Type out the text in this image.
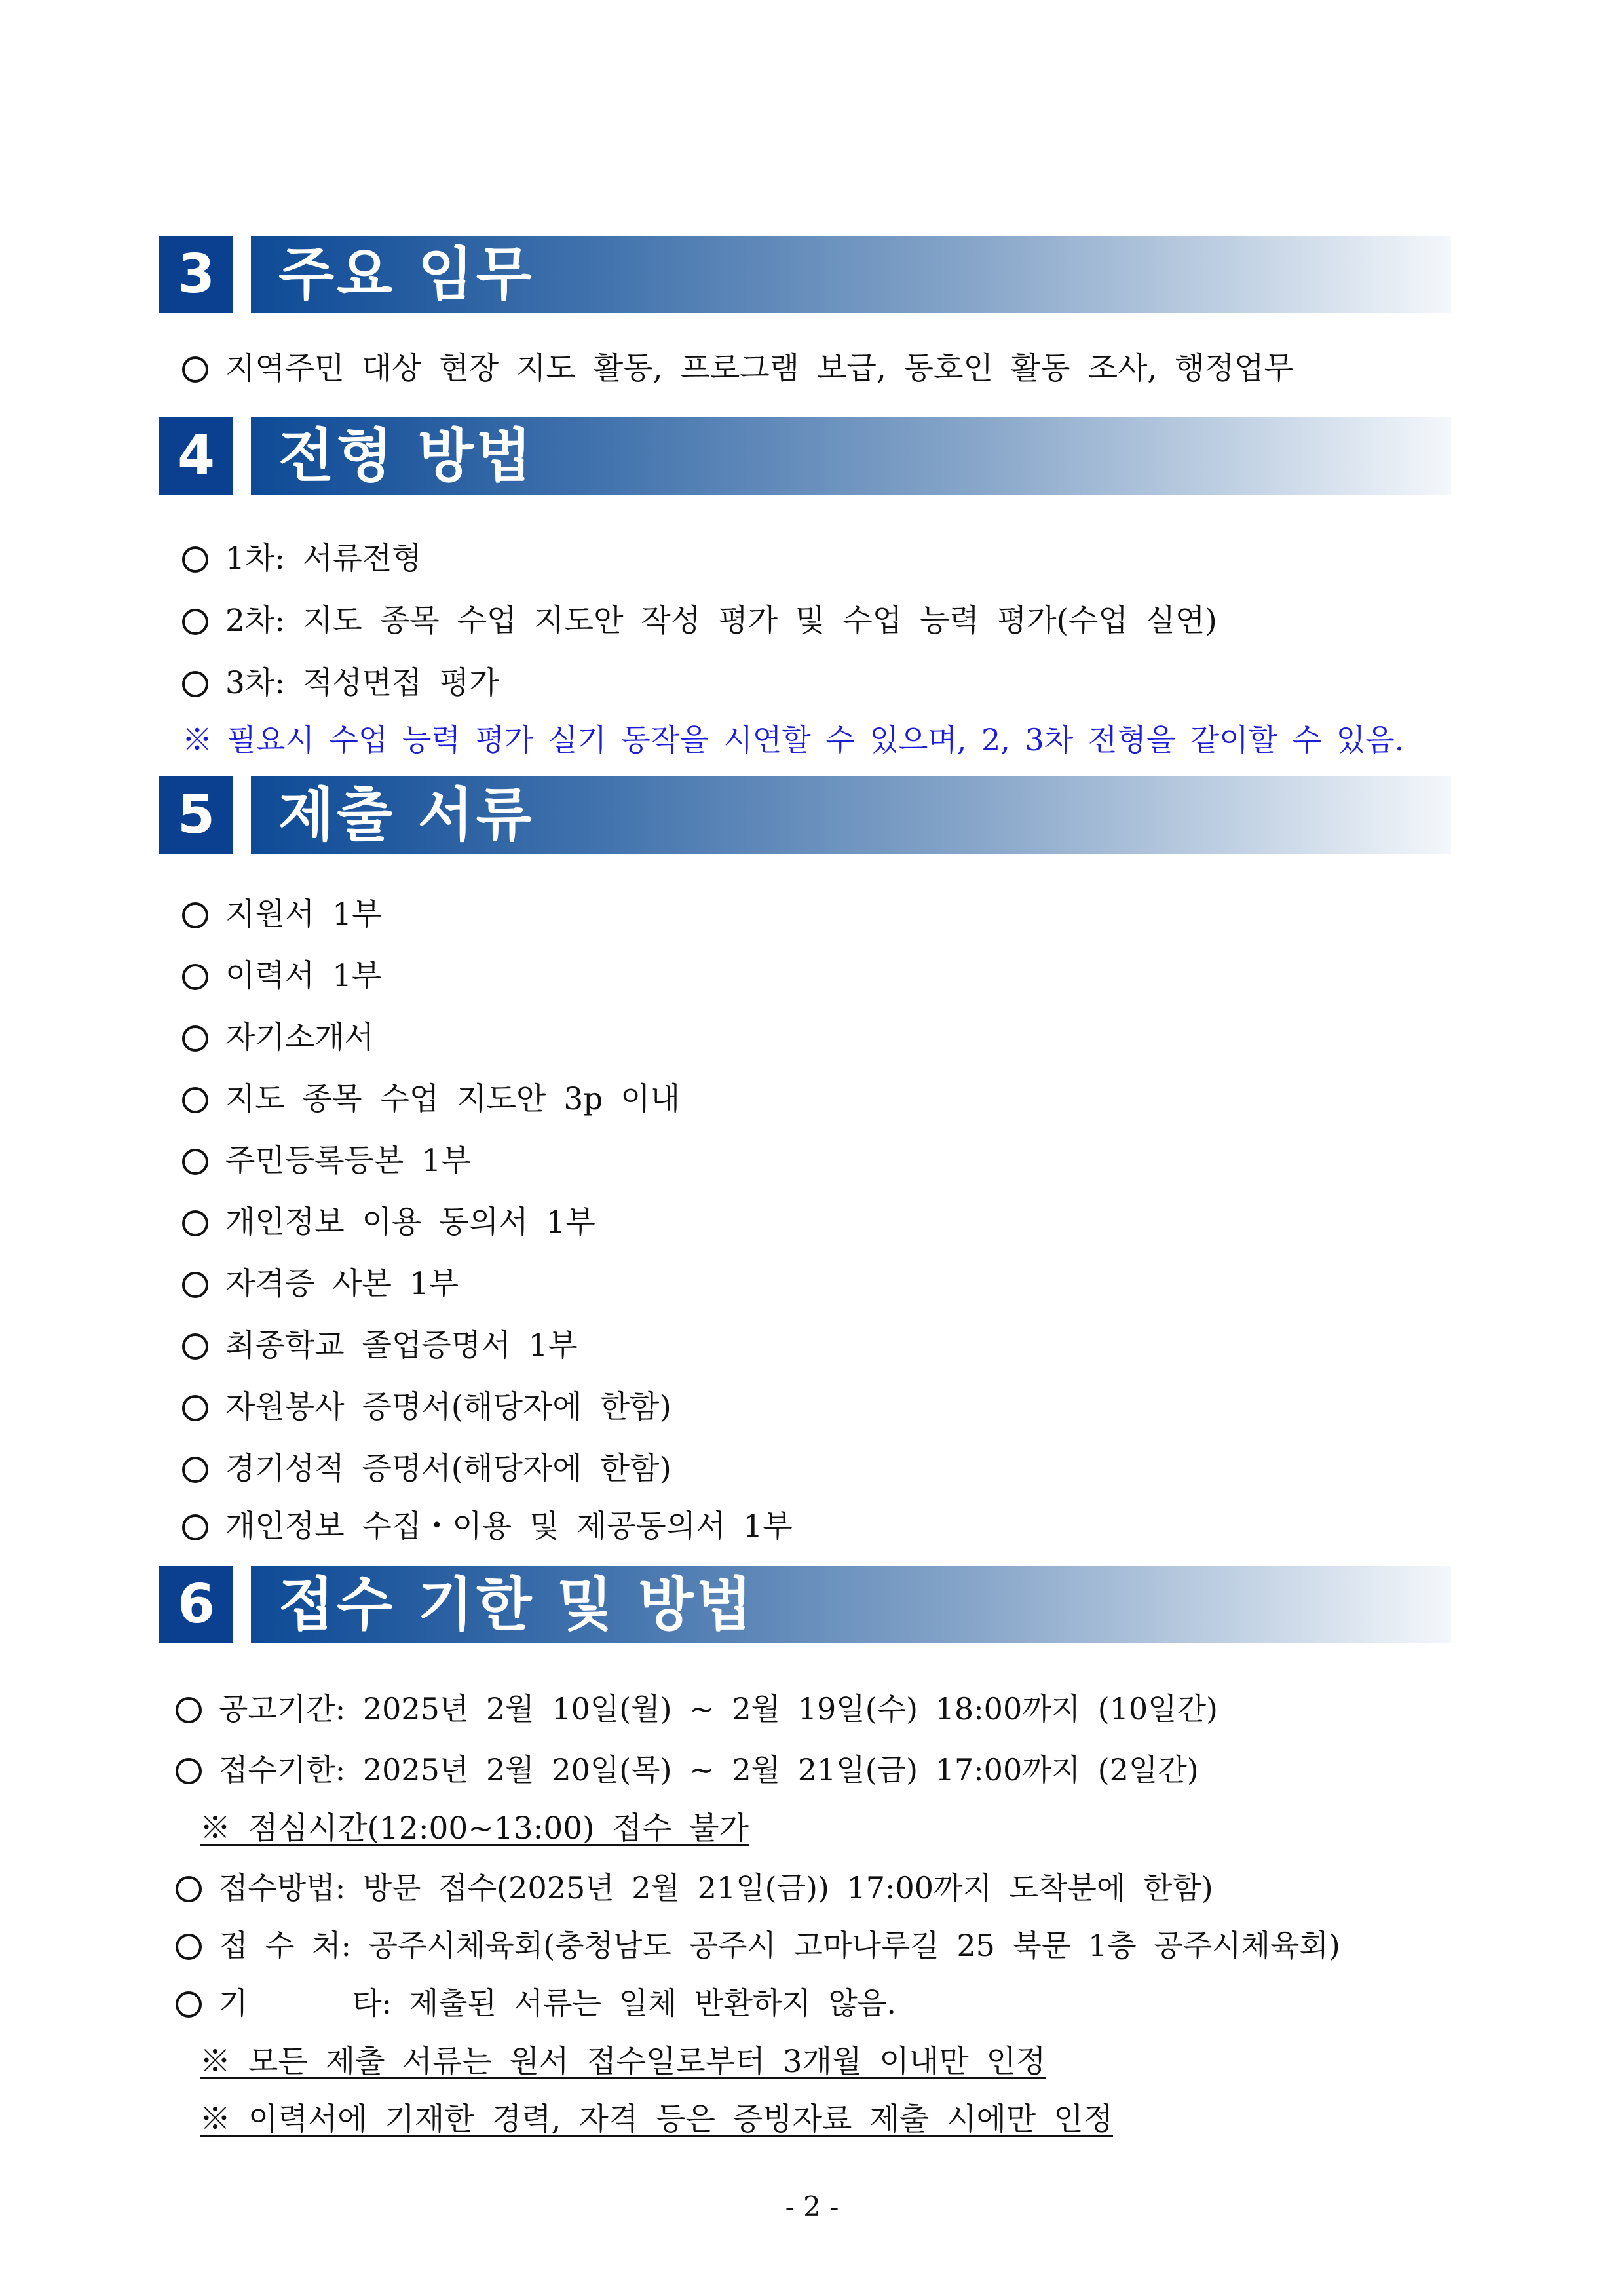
3	주요 임무
지역주민 대상 현장 지도 활동, 프로그램 보급, 동호인 활동 조사, 행정업무
4	전형 방법
1차: 서류전형
2차: 지도 종목 수업 지도안 작성 평가 및 수업 능력 평가(수업 실연)
3차: 적성면접 평가
※ 필요시 수업 능력 평가 실기 동작을 시연할 수 있으며, 2, 3차 전형을 같이할 수 있음.
5	제출 서류
지원서 1부
이력서 1부
자기소개서
지도 종목 수업 지도안 3p 이내
주민등록등본 1부
개인정보 이용 동의서 1부
자격증 사본 1부
최종학교 졸업증명서 1부
자원봉사 증명서(해당자에 한함)
경기성적 증명서(해당자에 한함)
개인정보 수집・이용 및 제공동의서 1부
6	접수 기한 및 방법
공고기간: 2025년 2월 10일(월) ~ 2월 19일(수) 18:00까지 (10일간)
접수기한: 2025년 2월 20일(목) ~ 2월 21일(금) 17:00까지 (2일간)
※ 점심시간(12:00~13:00) 접수 불가
접수방법: 방문 접수(2025년 2월 21일(금)) 17:00까지 도착분에 한함)
접 수 처: 공주시체육회(충청남도 공주시 고마나루길 25 북문 1층 공주시체육회)
기      타: 제출된 서류는 일체 반환하지 않음.
※ 모든 제출 서류는 원서 접수일로부터 3개월 이내만 인정
※ 이력서에 기재한 경력, 자격 등은 증빙자료 제출 시에만 인정
- 2 -
